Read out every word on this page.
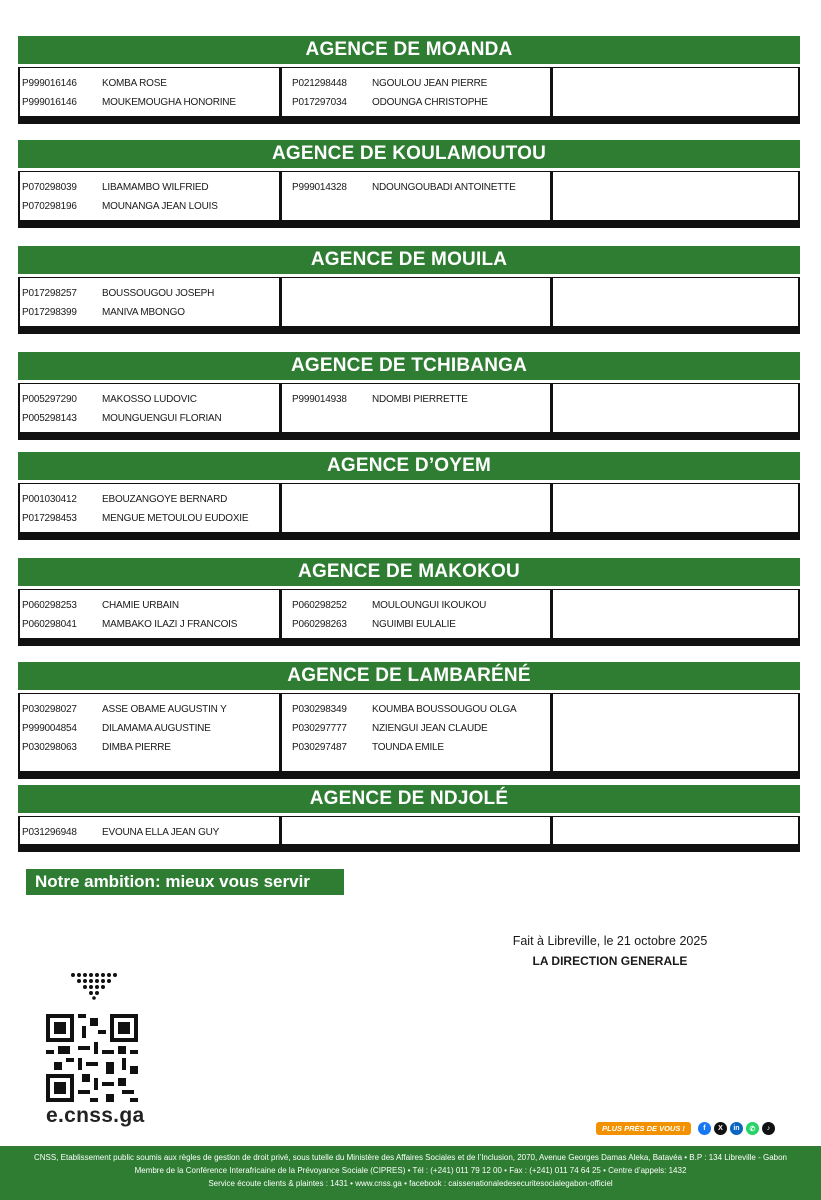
AGENCE DE MOANDA
P999016146	KOMBA ROSE
P999016146	MOUKEMOUGHA HONORINE
P021298448	NGOULOU JEAN PIERRE
P017297034	ODOUNGA CHRISTOPHE
AGENCE DE KOULAMOUTOU
P070298039	LIBAMAMBO WILFRIED
P070298196	MOUNANGA JEAN LOUIS
P999014328	NDOUNGOUBADI ANTOINETTE
AGENCE DE MOUILA
P017298257	BOUSSOUGOU JOSEPH
P017298399	MANIVA MBONGO
AGENCE DE TCHIBANGA
P005297290	MAKOSSO LUDOVIC
P005298143	MOUNGUENGUI FLORIAN
P999014938	NDOMBI PIERRETTE
AGENCE D’OYEM
P001030412	EBOUZANGOYE BERNARD
P017298453	MENGUE METOULOU EUDOXIE
AGENCE DE MAKOKOU
P060298253	CHAMIE URBAIN
P060298041	MAMBAKO ILAZI J FRANCOIS
P060298252	MOULOUNGUI IKOUKOU
P060298263	NGUIMBI EULALIE
AGENCE DE LAMBARÉNÉ
P030298027	ASSE OBAME AUGUSTIN Y
P999004854	DILAMAMA AUGUSTINE
P030298063	DIMBA PIERRE
P030298349	KOUMBA BOUSSOUGOU OLGA
P030297777	NZIENGUI JEAN CLAUDE
P030297487	TOUNDA EMILE
AGENCE DE NDJOLÉ
P031296948	EVOUNA ELLA JEAN GUY
Notre ambition: mieux vous servir
Fait à Libreville, le 21 octobre 2025
LA DIRECTION GENERALE
e.cnss.ga
PLUS PRÈS DE VOUS !	f	X	in	✆	♪
CNSS, Etablissement public soumis aux règles de gestion de droit privé, sous tutelle du Ministère des Affaires Sociales et de l’Inclusion, 2070, Avenue Georges Damas Aleka, Batavéa • B.P : 134 Libreville - Gabon
Membre de la Conférence Interafricaine de la Prévoyance Sociale (CIPRES) • Tél : (+241) 011 79 12 00 • Fax : (+241) 011 74 64 25 • Centre d’appels: 1432
Service écoute clients & plaintes : 1431 • www.cnss.ga • facebook : caissenationaledesecuritesocialegabon-officiel
